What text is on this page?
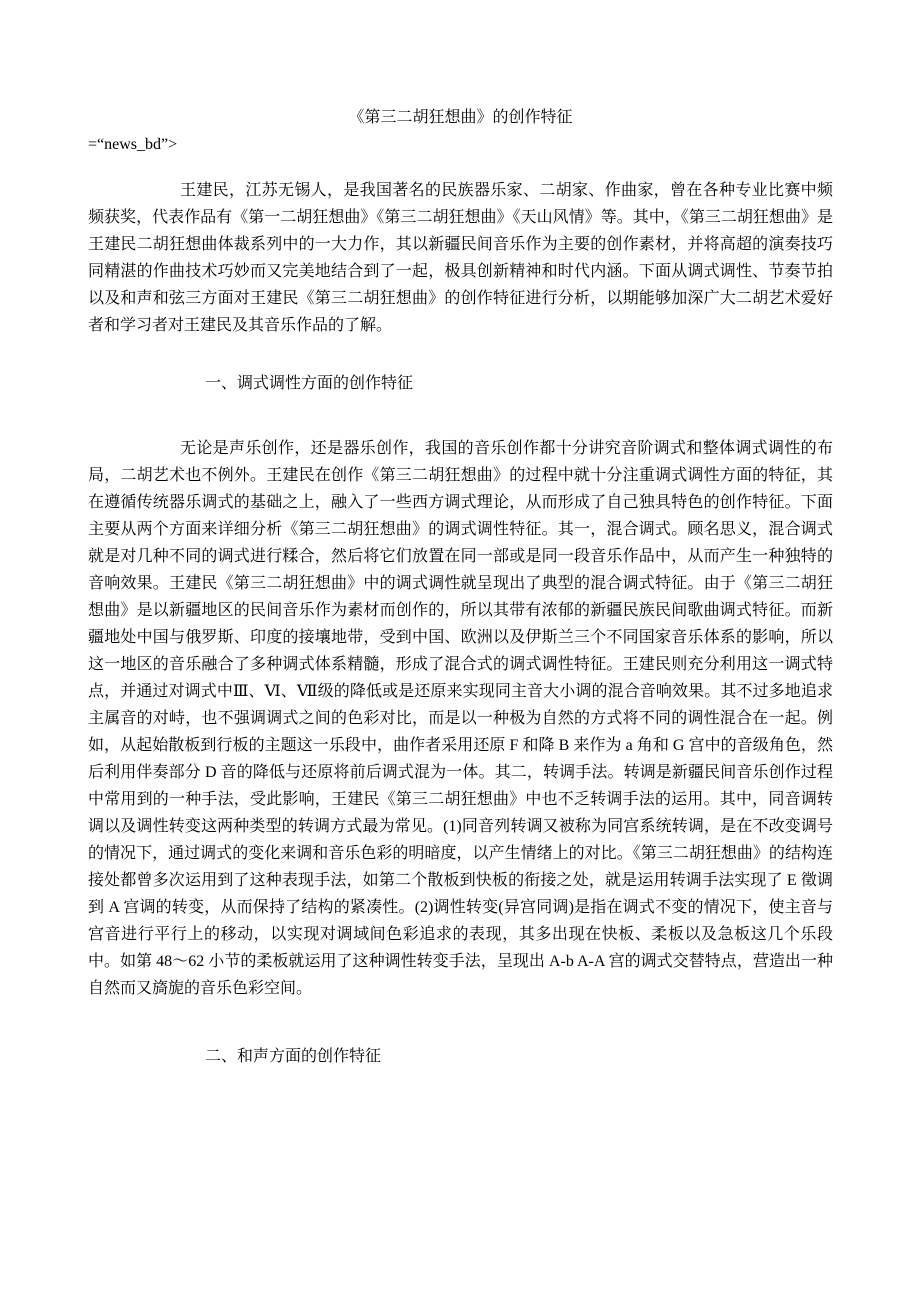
《第三二胡狂想曲》的创作特征
=“news_bd”>

王建民，江苏无锡人，是我国著名的民族器乐家、二胡家、作曲家，曾在各种专业比赛中频频获奖，代表作品有《第一二胡狂想曲》《第三二胡狂想曲》《天山风情》等。其中，《第三二胡狂想曲》是王建民二胡狂想曲体裁系列中的一大力作，其以新疆民间音乐作为主要的创作素材，并将高超的演奏技巧同精湛的作曲技术巧妙而又完美地结合到了一起，极具创新精神和时代内涵。下面从调式调性、节奏节拍以及和声和弦三方面对王建民《第三二胡狂想曲》的创作特征进行分析，以期能够加深广大二胡艺术爱好者和学习者对王建民及其音乐作品的了解。

一、调式调性方面的创作特征

无论是声乐创作，还是器乐创作，我国的音乐创作都十分讲究音阶调式和整体调式调性的布局，二胡艺术也不例外。王建民在创作《第三二胡狂想曲》的过程中就十分注重调式调性方面的特征，其在遵循传统器乐调式的基础之上，融入了一些西方调式理论，从而形成了自己独具特色的创作特征。下面主要从两个方面来详细分析《第三二胡狂想曲》的调式调性特征。其一，混合调式。顾名思义，混合调式就是对几种不同的调式进行糅合，然后将它们放置在同一部或是同一段音乐作品中，从而产生一种独特的音响效果。王建民《第三二胡狂想曲》中的调式调性就呈现出了典型的混合调式特征。由于《第三二胡狂想曲》是以新疆地区的民间音乐作为素材而创作的，所以其带有浓郁的新疆民族民间歌曲调式特征。而新疆地处中国与俄罗斯、印度的接壤地带，受到中国、欧洲以及伊斯兰三个不同国家音乐体系的影响，所以这一地区的音乐融合了多种调式体系精髓，形成了混合式的调式调性特征。王建民则充分利用这一调式特点，并通过对调式中Ⅲ、Ⅵ、Ⅶ级的降低或是还原来实现同主音大小调的混合音响效果。其不过多地追求主属音的对峙，也不强调调式之间的色彩对比，而是以一种极为自然的方式将不同的调性混合在一起。例如，从起始散板到行板的主题这一乐段中，曲作者采用还原 F 和降 B 来作为 a 角和 G 宫中的音级角色，然后利用伴奏部分 D 音的降低与还原将前后调式混为一体。其二，转调手法。转调是新疆民间音乐创作过程中常用到的一种手法，受此影响，王建民《第三二胡狂想曲》中也不乏转调手法的运用。其中，同音调转调以及调性转变这两种类型的转调方式最为常见。(1)同音列转调又被称为同宫系统转调，是在不改变调号的情况下，通过调式的变化来调和音乐色彩的明暗度，以产生情绪上的对比。《第三二胡狂想曲》的结构连接处都曾多次运用到了这种表现手法，如第二个散板到快板的衔接之处，就是运用转调手法实现了 E 徵调到 A 宫调的转变，从而保持了结构的紧凑性。(2)调性转变(异宫同调)是指在调式不变的情况下，使主音与宫音进行平行上的移动，以实现对调域间色彩追求的表现，其多出现在快板、柔板以及急板这几个乐段中。如第 48～62 小节的柔板就运用了这种调性转变手法，呈现出 A-b A-A 宫的调式交替特点，营造出一种自然而又旖旎的音乐色彩空间。

二、和声方面的创作特征
